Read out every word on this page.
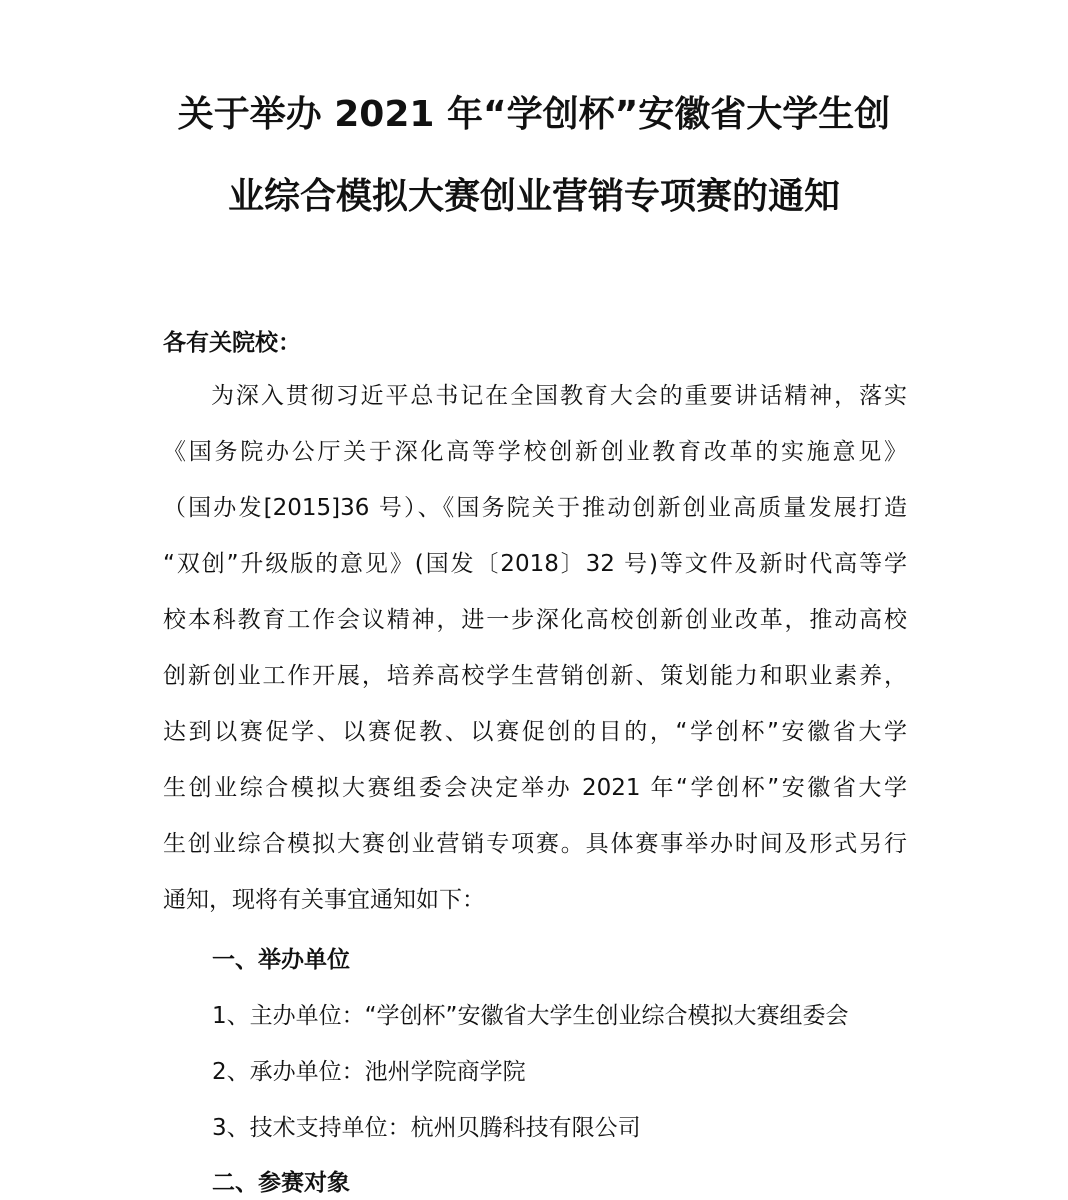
关于举办 2021 年“学创杯”安徽省大学生创
业综合模拟大赛创业营销专项赛的通知
各有关院校：
为深入贯彻习近平总书记在全国教育大会的重要讲话精神，落实
《国务院办公厅关于深化高等学校创新创业教育改革的实施意见》
（国办发[2015]36 号）、《国务院关于推动创新创业高质量发展打造
“双创”升级版的意见》(国发〔2018〕32 号)等文件及新时代高等学
校本科教育工作会议精神，进一步深化高校创新创业改革，推动高校
创新创业工作开展，培养高校学生营销创新、策划能力和职业素养，
达到以赛促学、以赛促教、以赛促创的目的，“学创杯”安徽省大学
生创业综合模拟大赛组委会决定举办 2021 年“学创杯”安徽省大学
生创业综合模拟大赛创业营销专项赛。具体赛事举办时间及形式另行
通知，现将有关事宜通知如下：
一、举办单位
1、主办单位：“学创杯”安徽省大学生创业综合模拟大赛组委会
2、承办单位：池州学院商学院
3、技术支持单位：杭州贝腾科技有限公司
二、参赛对象
